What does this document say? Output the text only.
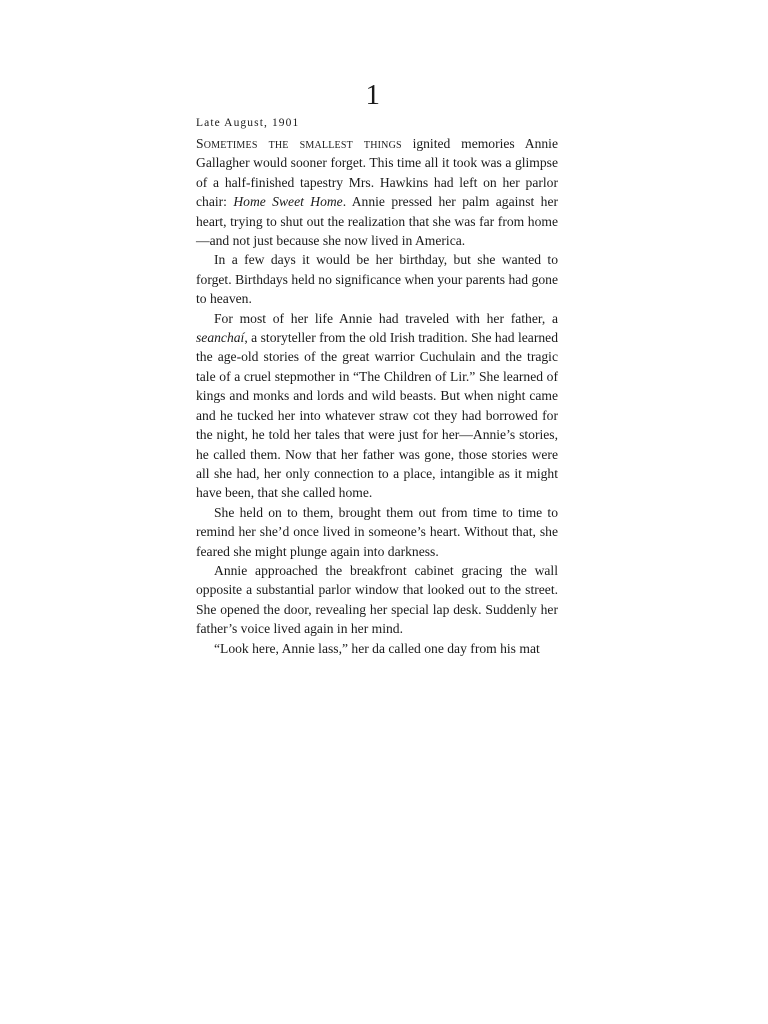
1
Late August, 1901

Sometimes the smallest things ignited memories Annie Gallagher would sooner forget. This time all it took was a glimpse of a half-finished tapestry Mrs. Hawkins had left on her parlor chair: Home Sweet Home. Annie pressed her palm against her heart, trying to shut out the realization that she was far from home—and not just because she now lived in America.

In a few days it would be her birthday, but she wanted to forget. Birthdays held no significance when your parents had gone to heaven.

For most of her life Annie had traveled with her father, a seanchaí, a storyteller from the old Irish tradition. She had learned the age-old stories of the great warrior Cuchulain and the tragic tale of a cruel stepmother in “The Children of Lir.” She learned of kings and monks and lords and wild beasts. But when night came and he tucked her into whatever straw cot they had borrowed for the night, he told her tales that were just for her—Annie’s stories, he called them. Now that her father was gone, those stories were all she had, her only connection to a place, intangible as it might have been, that she called home.

She held on to them, brought them out from time to time to remind her she’d once lived in someone’s heart. Without that, she feared she might plunge again into darkness.

Annie approached the breakfront cabinet gracing the wall opposite a substantial parlor window that looked out to the street. She opened the door, revealing her special lap desk. Suddenly her father’s voice lived again in her mind.

“Look here, Annie lass,” her da called one day from his mat
